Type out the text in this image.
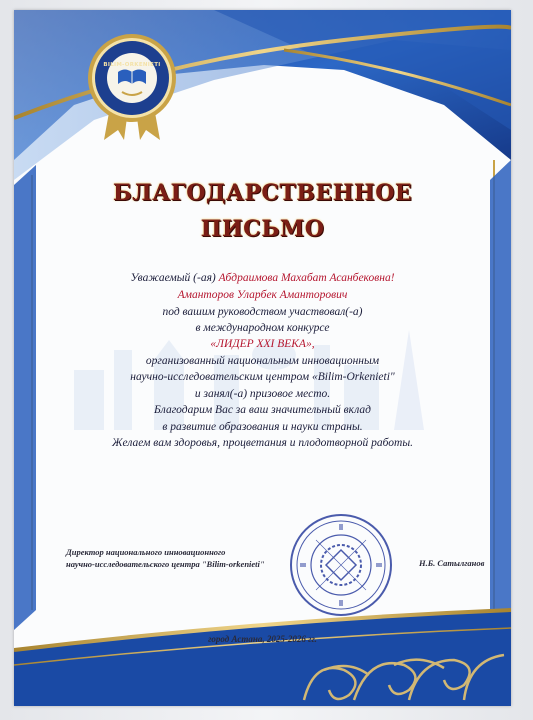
BILIM-ORKENIETI
БЛАГОДАРСТВЕННОЕ
ПИСЬМО
Уважаемый (-ая) Абдраимова Махабат Асанбековна!
Аманторов Уларбек Аманторович
под вашим руководством участвовал(-а)
в международном конкурсе
«ЛИДЕР XXI ВЕКА»,
организованный национальным инновационным
научно-исследовательским центром «Bilim-Orkenieti"
и занял(-а) призовое место.
Благодарим Вас за ваш значительный вклад
в развитие образования и науки страны.
Желаем вам здоровья, процветания и плодотворной работы.
Директор национального инновационного
научно-исследовательского центра "Bilim-orkenieti"	Н.Б. Сатылганов
город Астана, 2025-2026 гг.
